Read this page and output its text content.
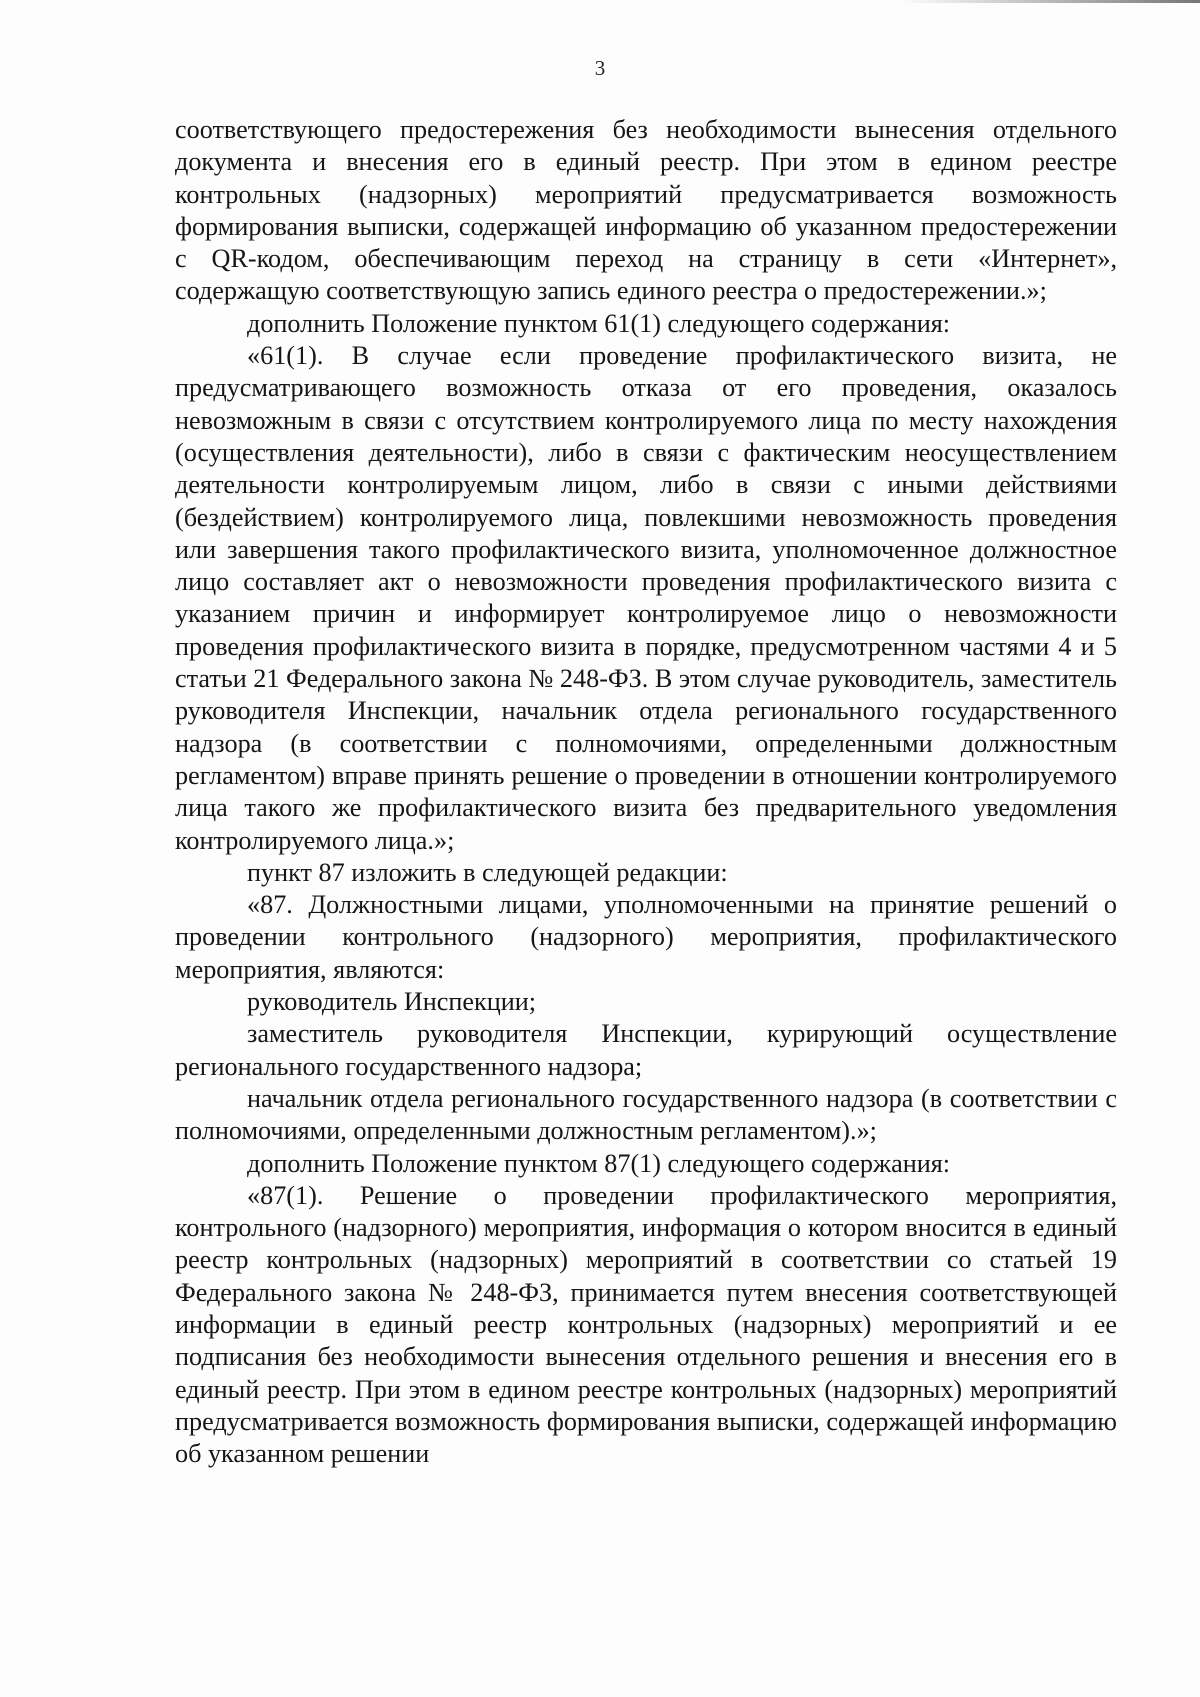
3

соответствующего предостережения без необходимости вынесения отдельного документа и внесения его в единый реестр. При этом в едином реестре контрольных (надзорных) мероприятий предусматривается возможность формирования выписки, содержащей информацию об указанном предостережении с QR-кодом, обеспечивающим переход на страницу в сети «Интернет», содержащую соответствующую запись единого реестра о предостережении.»;

дополнить Положение пунктом 61(1) следующего содержания:

«61(1). В случае если проведение профилактического визита, не предусматривающего возможность отказа от его проведения, оказалось невозможным в связи с отсутствием контролируемого лица по месту нахождения (осуществления деятельности), либо в связи с фактическим неосуществлением деятельности контролируемым лицом, либо в связи с иными действиями (бездействием) контролируемого лица, повлекшими невозможность проведения или завершения такого профилактического визита, уполномоченное должностное лицо составляет акт о невозможности проведения профилактического визита с указанием причин и информирует контролируемое лицо о невозможности проведения профилактического визита в порядке, предусмотренном частями 4 и 5 статьи 21 Федерального закона № 248-ФЗ. В этом случае руководитель, заместитель руководителя Инспекции, начальник отдела регионального государственного надзора (в соответствии с полномочиями, определенными должностным регламентом) вправе принять решение о проведении в отношении контролируемого лица такого же профилактического визита без предварительного уведомления контролируемого лица.»;

пункт 87 изложить в следующей редакции:

«87. Должностными лицами, уполномоченными на принятие решений о проведении контрольного (надзорного) мероприятия, профилактического мероприятия, являются:

руководитель Инспекции;

заместитель руководителя Инспекции, курирующий осуществление регионального государственного надзора;

начальник отдела регионального государственного надзора (в соответствии с полномочиями, определенными должностным регламентом).»;

дополнить Положение пунктом 87(1) следующего содержания:

«87(1). Решение о проведении профилактического мероприятия, контрольного (надзорного) мероприятия, информация о котором вносится в единый реестр контрольных (надзорных) мероприятий в соответствии со статьей 19 Федерального закона № 248-ФЗ, принимается путем внесения соответствующей информации в единый реестр контрольных (надзорных) мероприятий и ее подписания без необходимости вынесения отдельного решения и внесения его в единый реестр. При этом в едином реестре контрольных (надзорных) мероприятий предусматривается возможность формирования выписки, содержащей информацию об указанном решении
